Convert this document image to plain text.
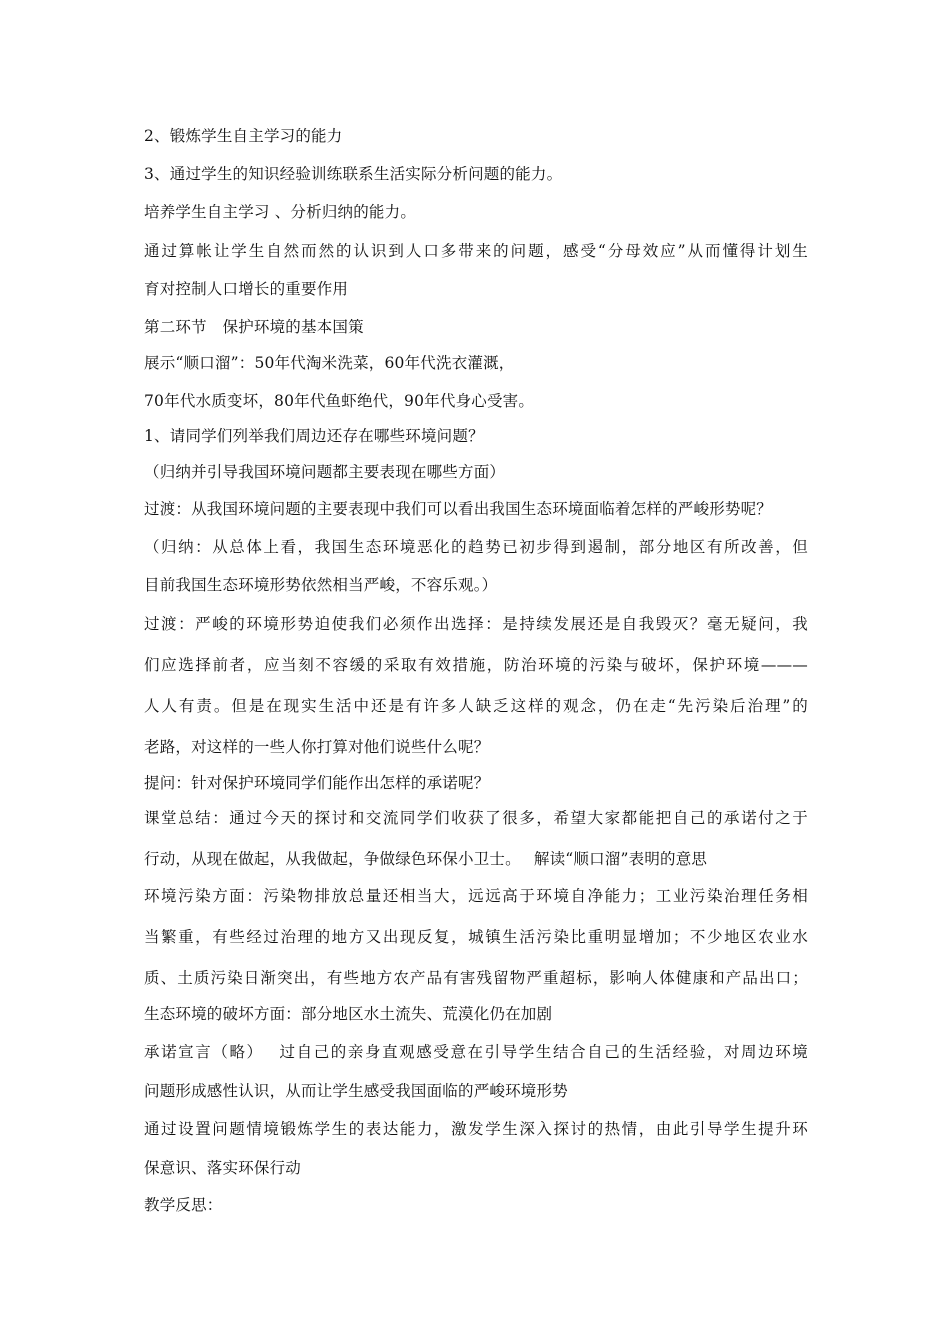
2、锻炼学生自主学习的能力
3、通过学生的知识经验训练联系生活实际分析问题的能力。
培养学生自主学习 、分析归纳的能力。
通过算帐让学生自然而然的认识到人口多带来的问题，感受“分母效应”从而懂得计划生
育对控制人口增长的重要作用
第二环节　保护环境的基本国策
展示“顺口溜”：50年代淘米洗菜，60年代洗衣灌溉，
70年代水质变坏，80年代鱼虾绝代，90年代身心受害。
1、请同学们列举我们周边还存在哪些环境问题？
（归纳并引导我国环境问题都主要表现在哪些方面）
过渡：从我国环境问题的主要表现中我们可以看出我国生态环境面临着怎样的严峻形势呢？
（归纳：从总体上看，我国生态环境恶化的趋势已初步得到遏制，部分地区有所改善，但
目前我国生态环境形势依然相当严峻，不容乐观。）
过渡：严峻的环境形势迫使我们必须作出选择：是持续发展还是自我毁灭？毫无疑问，我
们应选择前者，应当刻不容缓的采取有效措施，防治环境的污染与破坏，保护环境———
人人有责。但是在现实生活中还是有许多人缺乏这样的观念，仍在走“先污染后治理”的
老路，对这样的一些人你打算对他们说些什么呢？
提问：针对保护环境同学们能作出怎样的承诺呢？
课堂总结：通过今天的探讨和交流同学们收获了很多，希望大家都能把自己的承诺付之于
行动，从现在做起，从我做起，争做绿色环保小卫士。　 解读“顺口溜”表明的意思
环境污染方面：污染物排放总量还相当大，远远高于环境自净能力；工业污染治理任务相
当繁重，有些经过治理的地方又出现反复，城镇生活污染比重明显增加；不少地区农业水
质、土质污染日渐突出，有些地方农产品有害残留物严重超标，影响人体健康和产品出口；
生态环境的破坏方面：部分地区水土流失、荒漠化仍在加剧
承诺宣言（略）　 过自己的亲身直观感受意在引导学生结合自己的生活经验，对周边环境
问题形成感性认识，从而让学生感受我国面临的严峻环境形势
通过设置问题情境锻炼学生的表达能力，激发学生深入探讨的热情，由此引导学生提升环
保意识、落实环保行动
教学反思：
